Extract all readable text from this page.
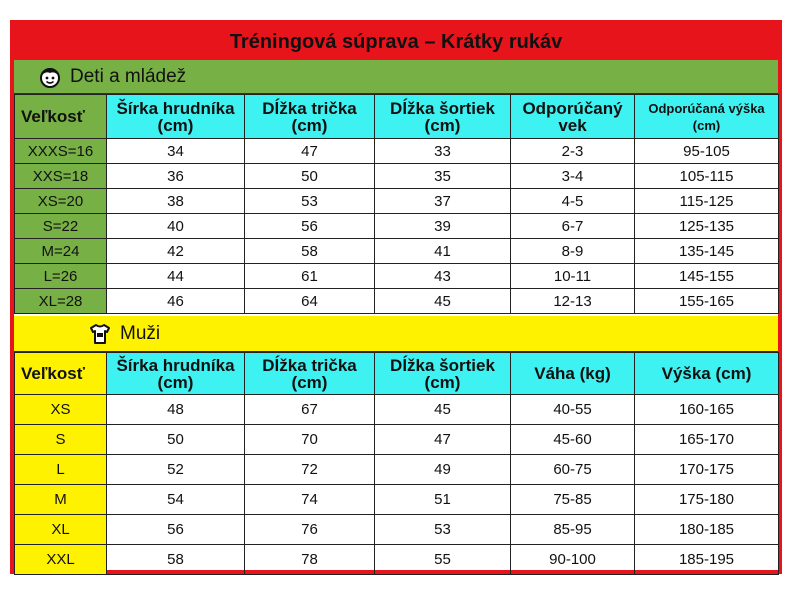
Tréningová súprava – Krátky rukáv
Deti a mládež
Veľkosť	Šírka hrudníka (cm)	Dĺžka trička (cm)	Dĺžka šortiek (cm)	Odporúčaný vek	Odporúčaná výška (cm)
XXXS=16	34	47	33	2-3	95-105
XXS=18	36	50	35	3-4	105-115
XS=20	38	53	37	4-5	115-125
S=22	40	56	39	6-7	125-135
M=24	42	58	41	8-9	135-145
L=26	44	61	43	10-11	145-155
XL=28	46	64	45	12-13	155-165
Muži
Veľkosť	Šírka hrudníka (cm)	Dĺžka trička (cm)	Dĺžka šortiek (cm)	Váha (kg)	Výška (cm)
XS	48	67	45	40-55	160-165
S	50	70	47	45-60	165-170
L	52	72	49	60-75	170-175
M	54	74	51	75-85	175-180
XL	56	76	53	85-95	180-185
XXL	58	78	55	90-100	185-195
